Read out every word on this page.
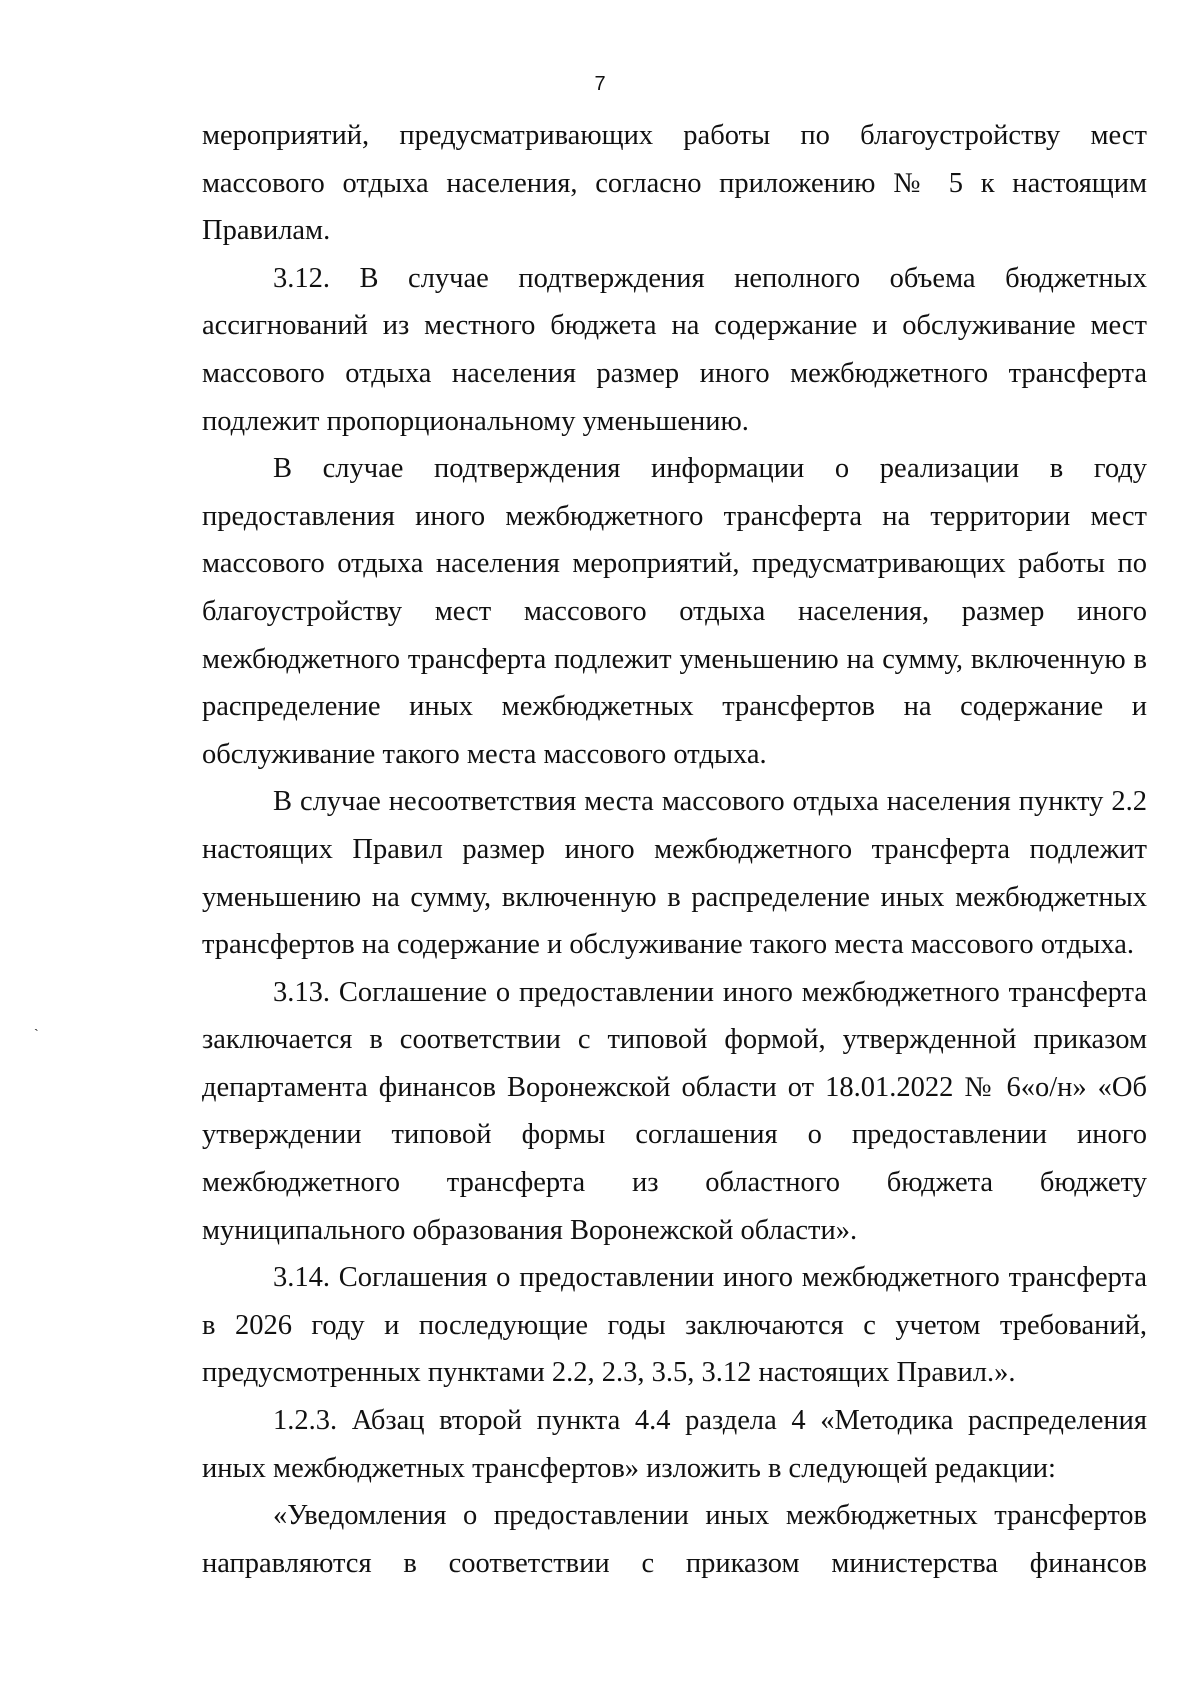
7
ˎ

мероприятий, предусматривающих работы по благоустройству мест массового отдыха населения, согласно приложению № 5 к настоящим Правилам.

3.12. В случае подтверждения неполного объема бюджетных ассигнований из местного бюджета на содержание и обслуживание мест массового отдыха населения размер иного межбюджетного трансферта подлежит пропорциональному уменьшению.

В случае подтверждения информации о реализации в году предоставления иного межбюджетного трансферта на территории мест массового отдыха населения мероприятий, предусматривающих работы по благоустройству мест массового отдыха населения, размер иного межбюджетного трансферта подлежит уменьшению на сумму, включенную в распределение иных межбюджетных трансфертов на содержание и обслуживание такого места массового отдыха.

В случае несоответствия места массового отдыха населения пункту 2.2 настоящих Правил размер иного межбюджетного трансферта подлежит уменьшению на сумму, включенную в распределение иных межбюджетных трансфертов на содержание и обслуживание такого места массового отдыха.

3.13. Соглашение о предоставлении иного межбюджетного трансферта заключается в соответствии с типовой формой, утвержденной приказом департамента финансов Воронежской области от 18.01.2022 № 6«о/н» «Об утверждении типовой формы соглашения о предоставлении иного межбюджетного трансферта из областного бюджета бюджету муниципального образования Воронежской области».

3.14. Соглашения о предоставлении иного межбюджетного трансферта в 2026 году и последующие годы заключаются с учетом требований, предусмотренных пунктами 2.2, 2.3, 3.5, 3.12 настоящих Правил.».

1.2.3. Абзац второй пункта 4.4 раздела 4 «Методика распределения иных межбюджетных трансфертов» изложить в следующей редакции:

«Уведомления о предоставлении иных межбюджетных трансфертов направляются в соответствии с приказом министерства финансов
